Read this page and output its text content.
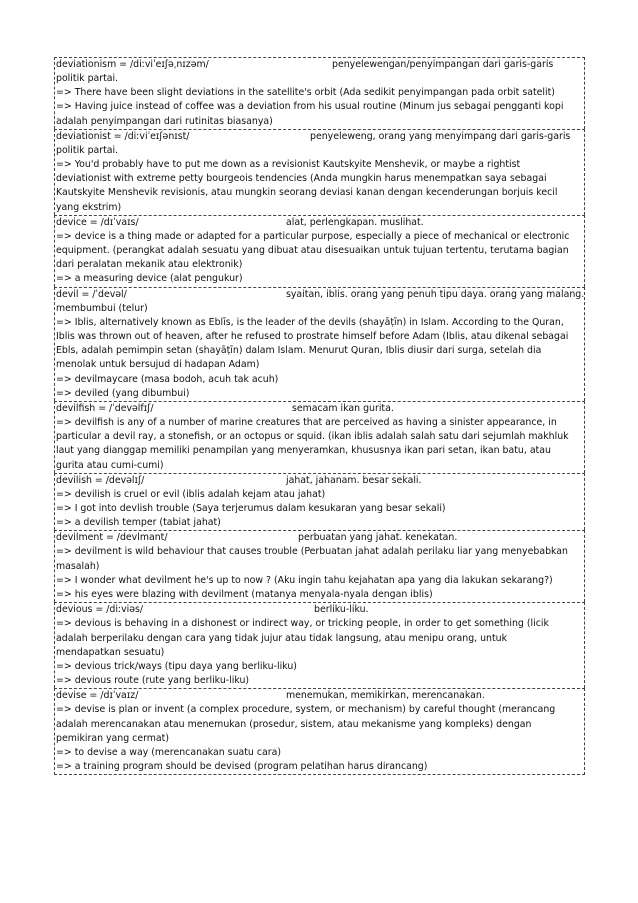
deviationism = /diːviˈeɪʃəˌnɪzəm/	penyelewengan/penyimpangan dari garis-garis
politik partai.
=> There have been slight deviations in the satellite's orbit (Ada sedikit penyimpangan pada orbit satelit)
=> Having juice instead of coffee was a deviation from his usual routine (Minum jus sebagai pengganti kopi
adalah penyimpangan dari rutinitas biasanya)
deviationist = /diːviˈeɪʃənɪst/	penyeleweng, orang yang menyimpang dari garis-garis
politik partai.
=> You'd probably have to put me down as a revisionist Kautskyite Menshevik, or maybe a rightist
deviationist with extreme petty bourgeois tendencies (Anda mungkin harus menempatkan saya sebagai
Kautskyite Menshevik revisionis, atau mungkin seorang deviasi kanan dengan kecenderungan borjuis kecil
yang ekstrim)
device = /dɪˈvaɪs/	alat, perlengkapan. muslihat.
=> device is a thing made or adapted for a particular purpose, especially a piece of mechanical or electronic
equipment. (perangkat adalah sesuatu yang dibuat atau disesuaikan untuk tujuan tertentu, terutama bagian
dari peralatan mekanik atau elektronik)
=> a measuring device (alat pengukur)
devil = /ˈdevəl/	syaitan, iblis. orang yang penuh tipu daya. orang yang malang.
membumbui (telur)
=> Iblis, alternatively known as Eblīs, is the leader of the devils (shayāṭīn) in Islam. According to the Quran,
Iblis was thrown out of heaven, after he refused to prostrate himself before Adam (Iblis, atau dikenal sebagai
Ebls, adalah pemimpin setan (shayāṭīn) dalam Islam. Menurut Quran, Iblis diusir dari surga, setelah dia
menolak untuk bersujud di hadapan Adam)
=> devilmaycare (masa bodoh, acuh tak acuh)
=> deviled (yang dibumbui)
devilfish = /ˈdevəlfɪʃ/	semacam ikan gurita.
=> devilfish is any of a number of marine creatures that are perceived as having a sinister appearance, in
particular a devil ray, a stonefish, or an octopus or squid. (ikan iblis adalah salah satu dari sejumlah makhluk
laut yang dianggap memiliki penampilan yang menyeramkan, khususnya ikan pari setan, ikan batu, atau
gurita atau cumi-cumi)
devilish = /devəlɪʃ/	jahat, jahanam. besar sekali.
=> devilish is cruel or evil (iblis adalah kejam atau jahat)
=> I got into devlish trouble (Saya terjerumus dalam kesukaran yang besar sekali)
=> a devilish temper (tabiat jahat)
devilment = /devlmant/	perbuatan yang jahat. kenekatan.
=> devilment is wild behaviour that causes trouble (Perbuatan jahat adalah perilaku liar yang menyebabkan
masalah)
=> I wonder what devilment he's up to now ? (Aku ingin tahu kejahatan apa yang dia lakukan sekarang?)
=> his eyes were blazing with devilment (matanya menyala-nyala dengan iblis)
devious = /diːviəs/	berliku-liku.
=> devious is behaving in a dishonest or indirect way, or tricking people, in order to get something (licik
adalah berperilaku dengan cara yang tidak jujur atau tidak langsung, atau menipu orang, untuk
mendapatkan sesuatu)
=> devious trick/ways (tipu daya yang berliku-liku)
=> devious route (rute yang berliku-liku)
devise = /dɪˈvaɪz/	menemukan, memikirkan, merencanakan.
=> devise is plan or invent (a complex procedure, system, or mechanism) by careful thought (merancang
adalah merencanakan atau menemukan (prosedur, sistem, atau mekanisme yang kompleks) dengan
pemikiran yang cermat)
=> to devise a way (merencanakan suatu cara)
=> a training program should be devised (program pelatihan harus dirancang)
